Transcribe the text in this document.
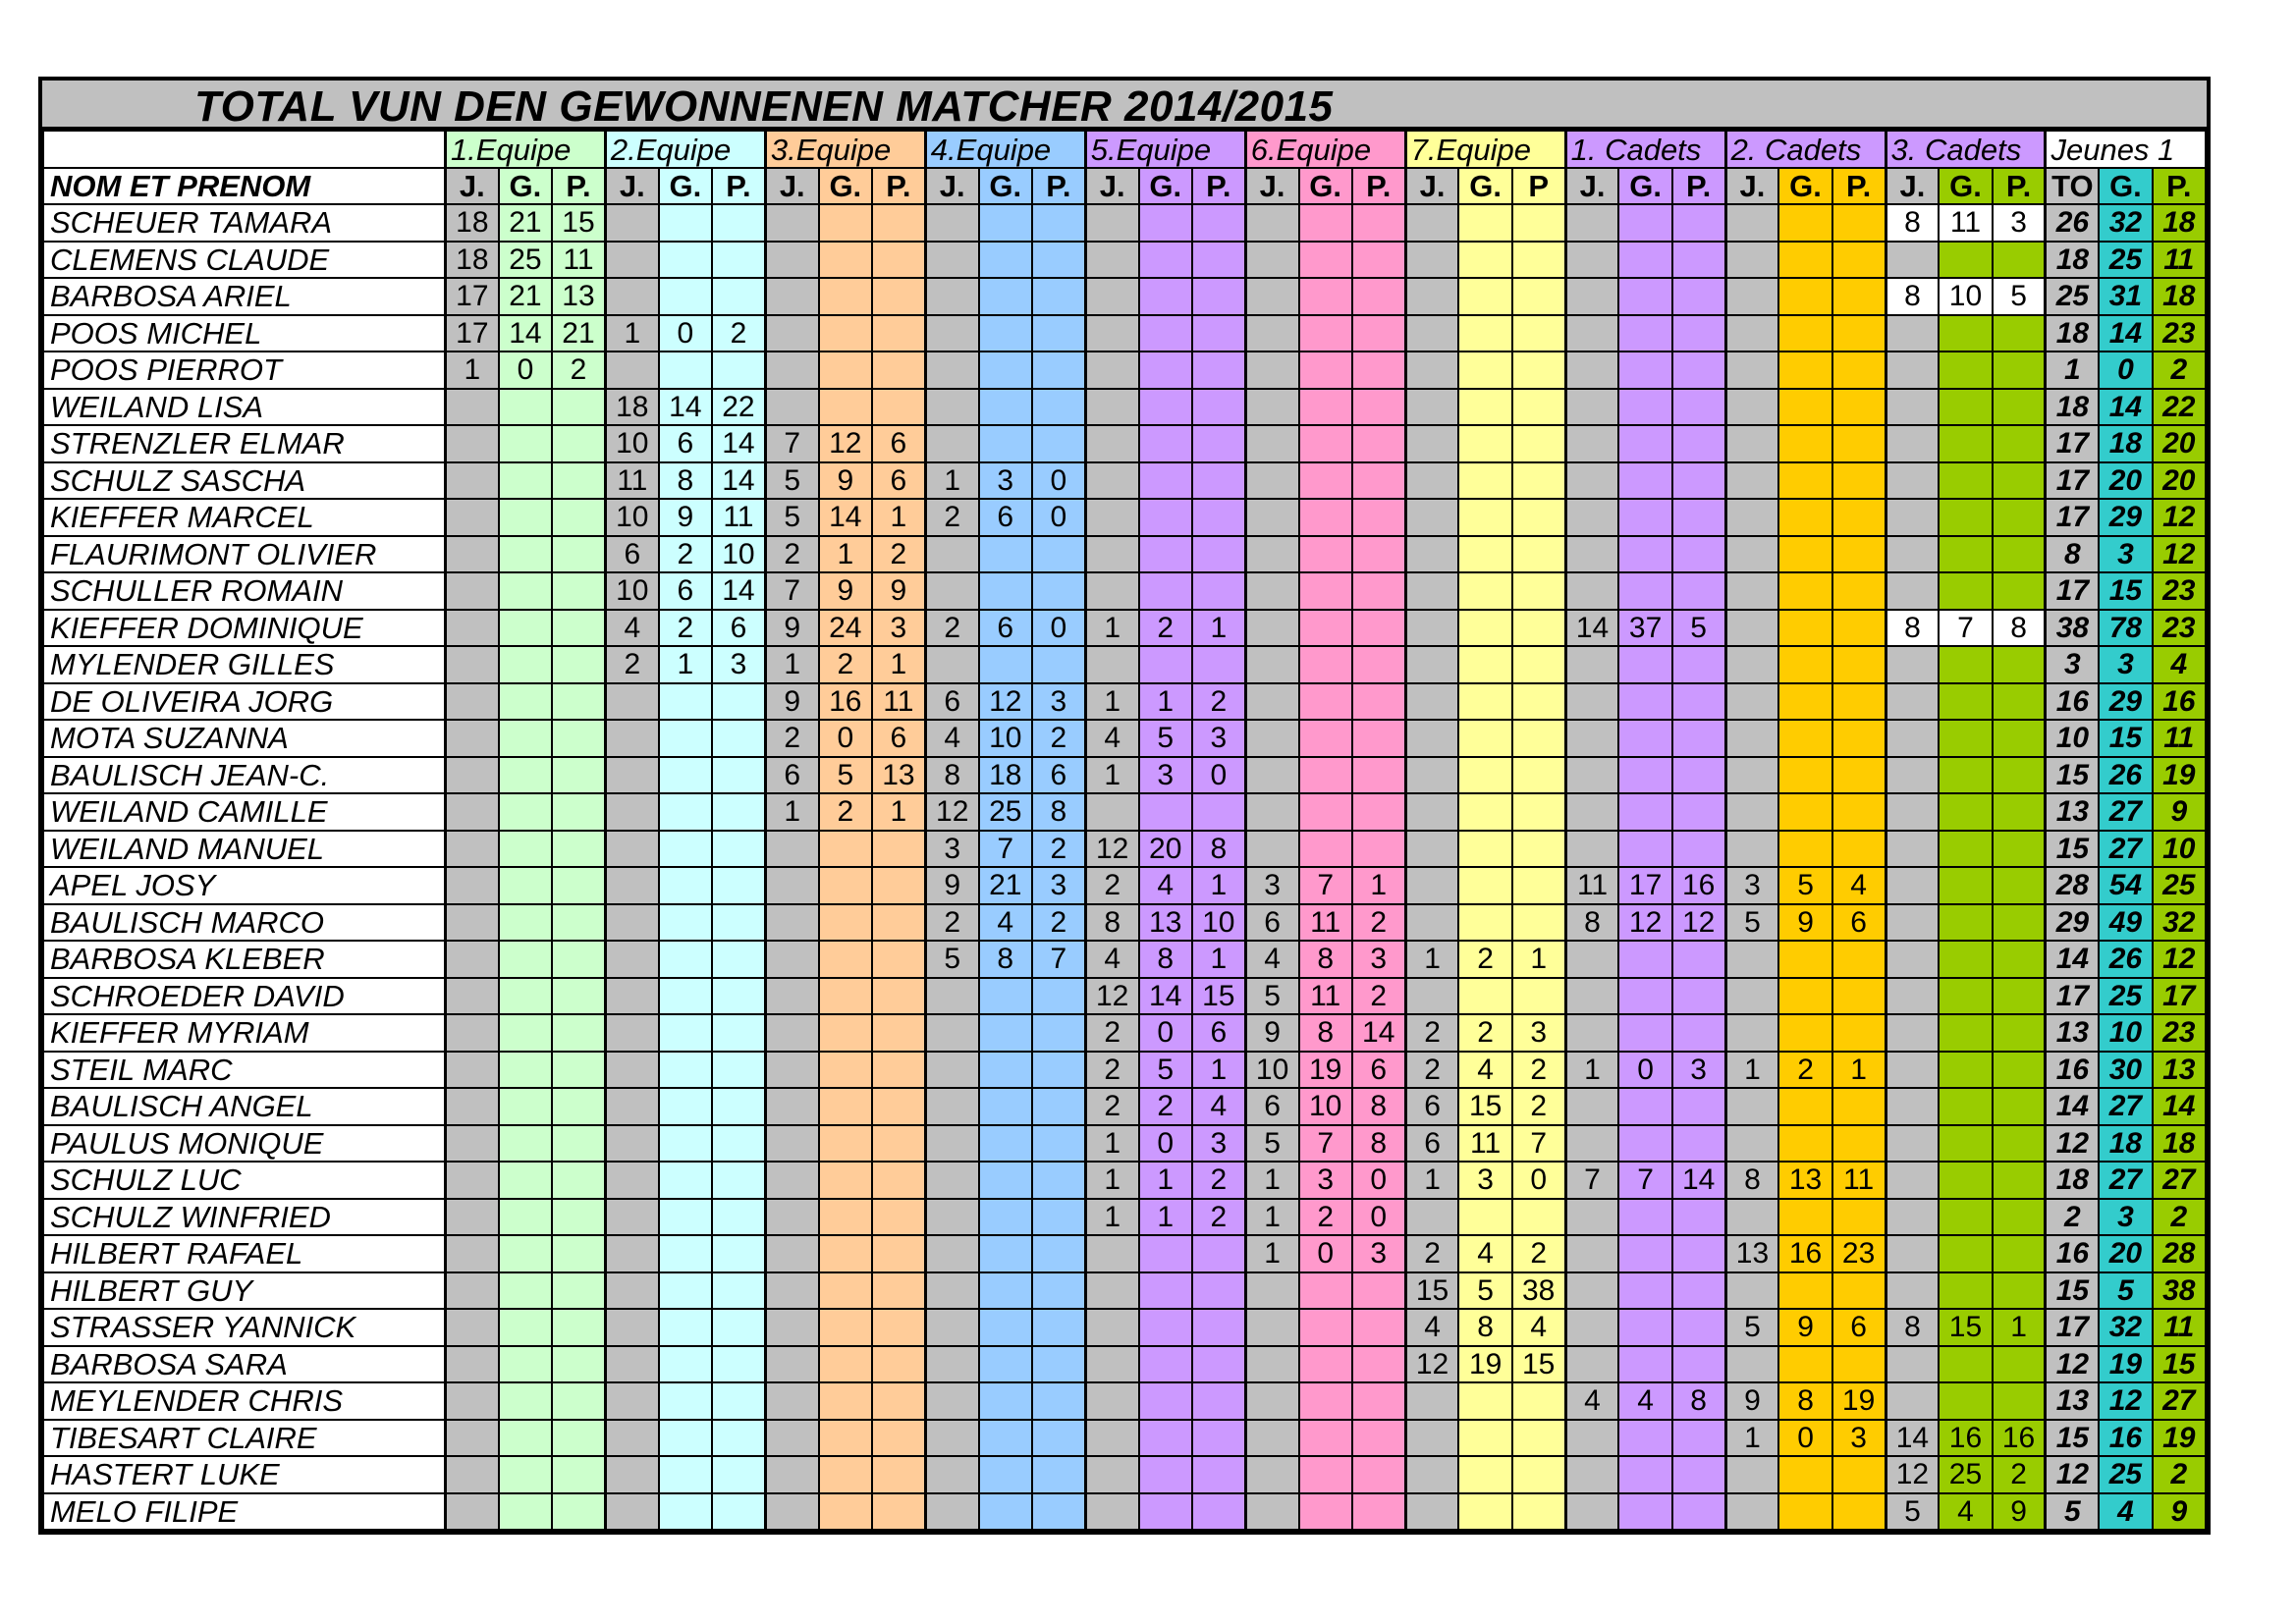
TOTAL VUN DEN GEWONNENEN MATCHER 2014/2015
	1.Equipe			2.Equipe			3.Equipe			4.Equipe			5.Equipe			6.Equipe			7.Equipe			1. Cadets			2. Cadets			3. Cadets			Jeunes 1		
NOM ET PRENOM	J.	G.	P.	J.	G.	P.	J.	G.	P.	J.	G.	P.	J.	G.	P.	J.	G.	P.	J.	G.	P	J.	G.	P.	J.	G.	P.	J.	G.	P.	TO	G.	P.
SCHEUER TAMARA	18	21	15																									8	11	3	26	32	18
CLEMENS CLAUDE	18	25	11																												18	25	11
BARBOSA ARIEL	17	21	13																									8	10	5	25	31	18
POOS MICHEL	17	14	21	1	0	2																									18	14	23
POOS PIERROT	1	0	2																												1	0	2
WEILAND LISA				18	14	22																									18	14	22
STRENZLER ELMAR				10	6	14	7	12	6																						17	18	20
SCHULZ SASCHA				11	8	14	5	9	6	1	3	0																			17	20	20
KIEFFER MARCEL				10	9	11	5	14	1	2	6	0																			17	29	12
FLAURIMONT OLIVIER				6	2	10	2	1	2																						8	3	12
SCHULLER ROMAIN				10	6	14	7	9	9																						17	15	23
KIEFFER DOMINIQUE				4	2	6	9	24	3	2	6	0	1	2	1							14	37	5				8	7	8	38	78	23
MYLENDER GILLES				2	1	3	1	2	1																						3	3	4
DE OLIVEIRA JORG							9	16	11	6	12	3	1	1	2																16	29	16
MOTA SUZANNA							2	0	6	4	10	2	4	5	3																10	15	11
BAULISCH JEAN-C.							6	5	13	8	18	6	1	3	0																15	26	19
WEILAND CAMILLE							1	2	1	12	25	8																			13	27	9
WEILAND MANUEL										3	7	2	12	20	8																15	27	10
APEL JOSY										9	21	3	2	4	1	3	7	1				11	17	16	3	5	4				28	54	25
BAULISCH MARCO										2	4	2	8	13	10	6	11	2				8	12	12	5	9	6				29	49	32
BARBOSA KLEBER										5	8	7	4	8	1	4	8	3	1	2	1										14	26	12
SCHROEDER DAVID													12	14	15	5	11	2													17	25	17
KIEFFER MYRIAM													2	0	6	9	8	14	2	2	3										13	10	23
STEIL MARC													2	5	1	10	19	6	2	4	2	1	0	3	1	2	1				16	30	13
BAULISCH ANGEL													2	2	4	6	10	8	6	15	2										14	27	14
PAULUS MONIQUE													1	0	3	5	7	8	6	11	7										12	18	18
SCHULZ LUC													1	1	2	1	3	0	1	3	0	7	7	14	8	13	11				18	27	27
SCHULZ WINFRIED													1	1	2	1	2	0													2	3	2
HILBERT RAFAEL																1	0	3	2	4	2				13	16	23				16	20	28
HILBERT GUY																			15	5	38										15	5	38
STRASSER YANNICK																			4	8	4				5	9	6	8	15	1	17	32	11
BARBOSA SARA																			12	19	15										12	19	15
MEYLENDER CHRIS																						4	4	8	9	8	19				13	12	27
TIBESART CLAIRE																									1	0	3	14	16	16	15	16	19
HASTERT LUKE																												12	25	2	12	25	2
MELO FILIPE																												5	4	9	5	4	9
